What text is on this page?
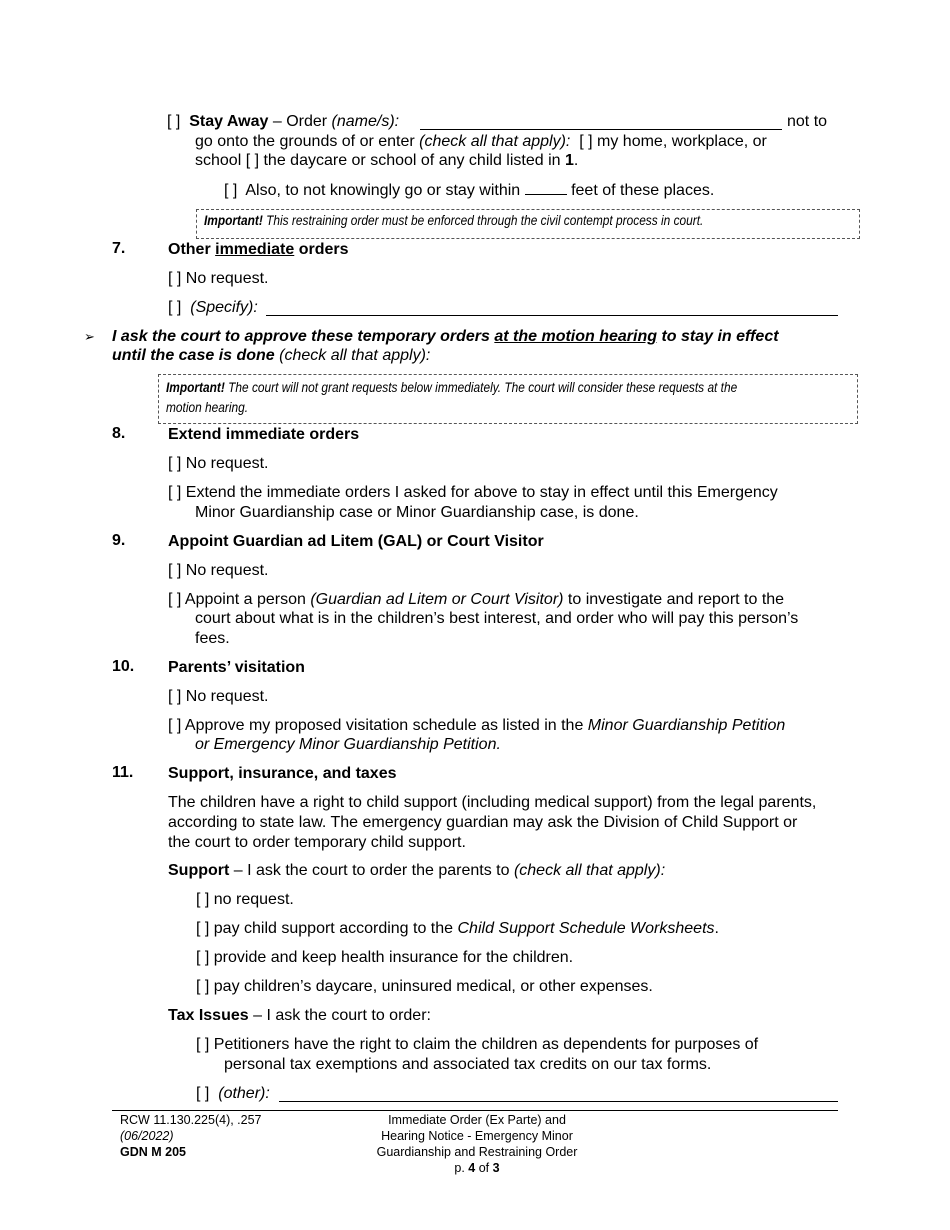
[ ] Stay Away – Order (name/s):	not to
go onto the grounds of or enter (check all that apply): [ ] my home, workplace, or
school [ ] the daycare or school of any child listed in 1.
[ ] Also, to not knowingly go or stay within	feet of these places.
Important! This restraining order must be enforced through the civil contempt process in court.
7.	Other immediate orders
[ ] No request.
[ ] (Specify):
➢ I ask the court to approve these temporary orders at the motion hearing to stay in effect
until the case is done (check all that apply):
Important! The court will not grant requests below immediately. The court will consider these requests at the
motion hearing.
8.	Extend immediate orders
[ ] No request.
[ ] Extend the immediate orders I asked for above to stay in effect until this Emergency
Minor Guardianship case or Minor Guardianship case, is done.
9.	Appoint Guardian ad Litem (GAL) or Court Visitor
[ ] No request.
[ ] Appoint a person (Guardian ad Litem or Court Visitor) to investigate and report to the
court about what is in the children’s best interest, and order who will pay this person’s
fees.
10. Parents’ visitation
[ ] No request.
[ ] Approve my proposed visitation schedule as listed in the Minor Guardianship Petition
or Emergency Minor Guardianship Petition.
11. Support, insurance, and taxes
The children have a right to child support (including medical support) from the legal parents,
according to state law. The emergency guardian may ask the Division of Child Support or
the court to order temporary child support.
Support – I ask the court to order the parents to (check all that apply):
[ ] no request.
[ ] pay child support according to the Child Support Schedule Worksheets.
[ ] provide and keep health insurance for the children.
[ ] pay children’s daycare, uninsured medical, or other expenses.
Tax Issues – I ask the court to order:
[ ] Petitioners have the right to claim the children as dependents for purposes of
personal tax exemptions and associated tax credits on our tax forms.
[ ] (other):
RCW 11.130.225(4), .257
(06/2022)
GDN M 205
Immediate Order (Ex Parte) and
Hearing Notice - Emergency Minor
Guardianship and Restraining Order
p. 4 of 3
